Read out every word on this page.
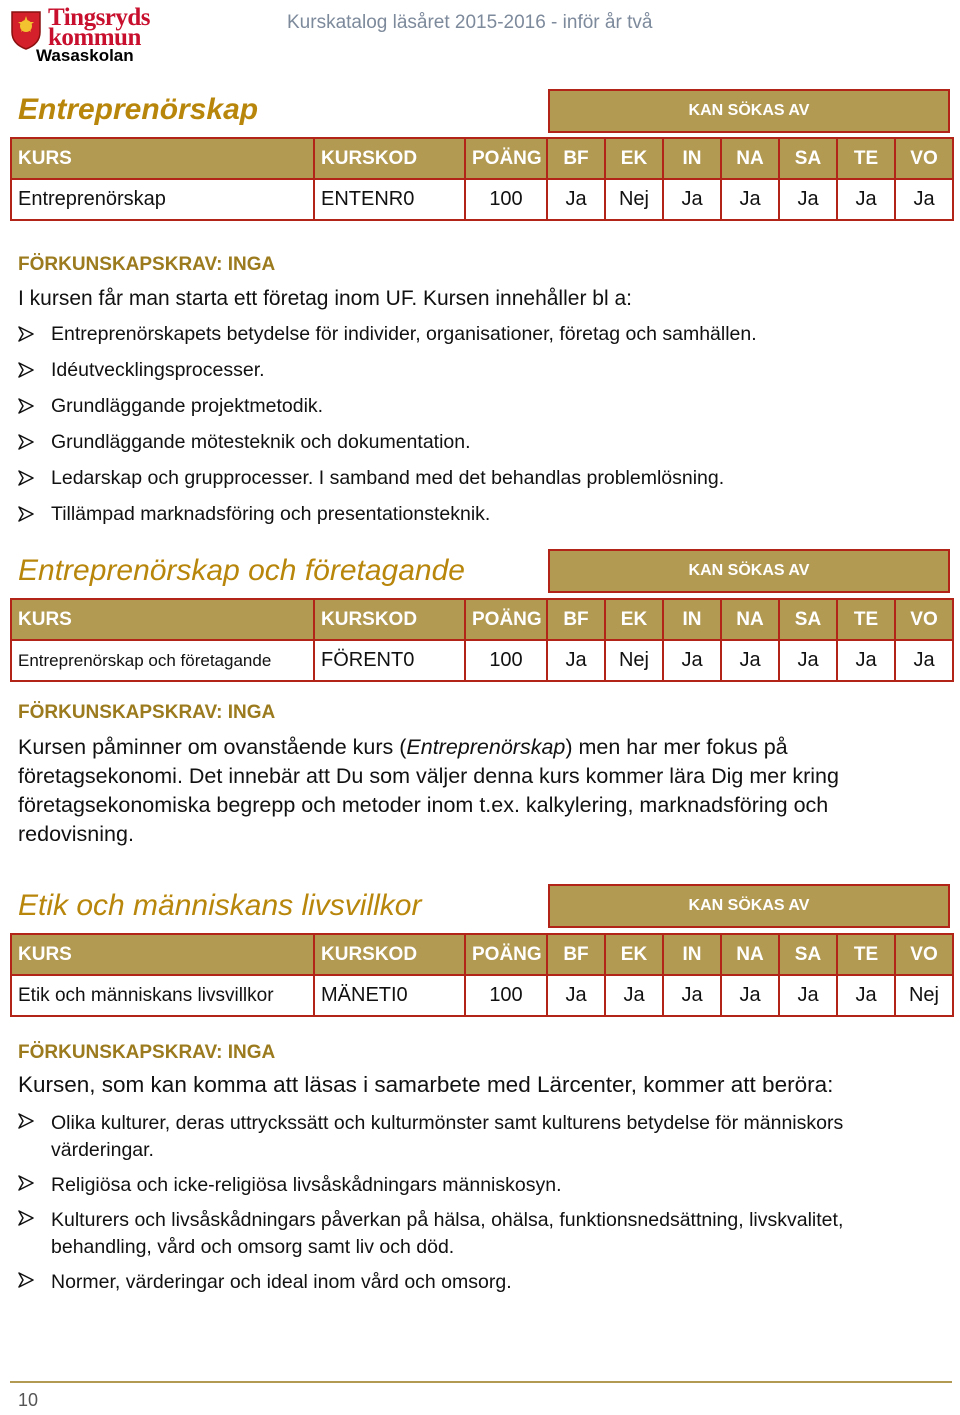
Tingsryds
kommun
Wasaskolan
Kurskatalog läsåret 2015-2016 - inför år två
Entreprenörskap	KAN SÖKAS AV
KURS	KURSKOD	POÄNG	BF	EK	IN	NA	SA	TE	VO
Entreprenörskap	ENTENR0	100	Ja	Nej	Ja	Ja	Ja	Ja	Ja
FÖRKUNSKAPSKRAV: INGA
I kursen får man starta ett företag inom UF. Kursen innehåller bl a:
Entreprenörskapets betydelse för individer, organisationer, företag och samhällen.
Idéutvecklingsprocesser.
Grundläggande projektmetodik.
Grundläggande mötesteknik och dokumentation.
Ledarskap och grupprocesser. I samband med det behandlas problemlösning.
Tillämpad marknadsföring och presentationsteknik.
Entreprenörskap och företagande	KAN SÖKAS AV
KURS	KURSKOD	POÄNG	BF	EK	IN	NA	SA	TE	VO
Entreprenörskap och företagande	FÖRENT0	100	Ja	Nej	Ja	Ja	Ja	Ja	Ja
FÖRKUNSKAPSKRAV: INGA

Kursen påminner om ovanstående kurs (Entreprenörskap) men har mer fokus på företagsekonomi. Det innebär att Du som väljer denna kurs kommer lära Dig mer kring företagsekonomiska begrepp och metoder inom t.ex. kalkylering, marknadsföring och redovisning.

Etik och människans livsvillkor	KAN SÖKAS AV
KURS	KURSKOD	POÄNG	BF	EK	IN	NA	SA	TE	VO
Etik och människans livsvillkor	MÄNETI0	100	Ja	Ja	Ja	Ja	Ja	Ja	Nej
FÖRKUNSKAPSKRAV: INGA
Kursen, som kan komma att läsas i samarbete med Lärcenter, kommer att beröra:
Olika kulturer, deras uttryckssätt och kulturmönster samt kulturens betydelse för människors värderingar.
Religiösa och icke-religiösa livsåskådningars människosyn.
Kulturers och livsåskådningars påverkan på hälsa, ohälsa, funktionsnedsättning, livskvalitet, behandling, vård och omsorg samt liv och död.
Normer, värderingar och ideal inom vård och omsorg.
10
